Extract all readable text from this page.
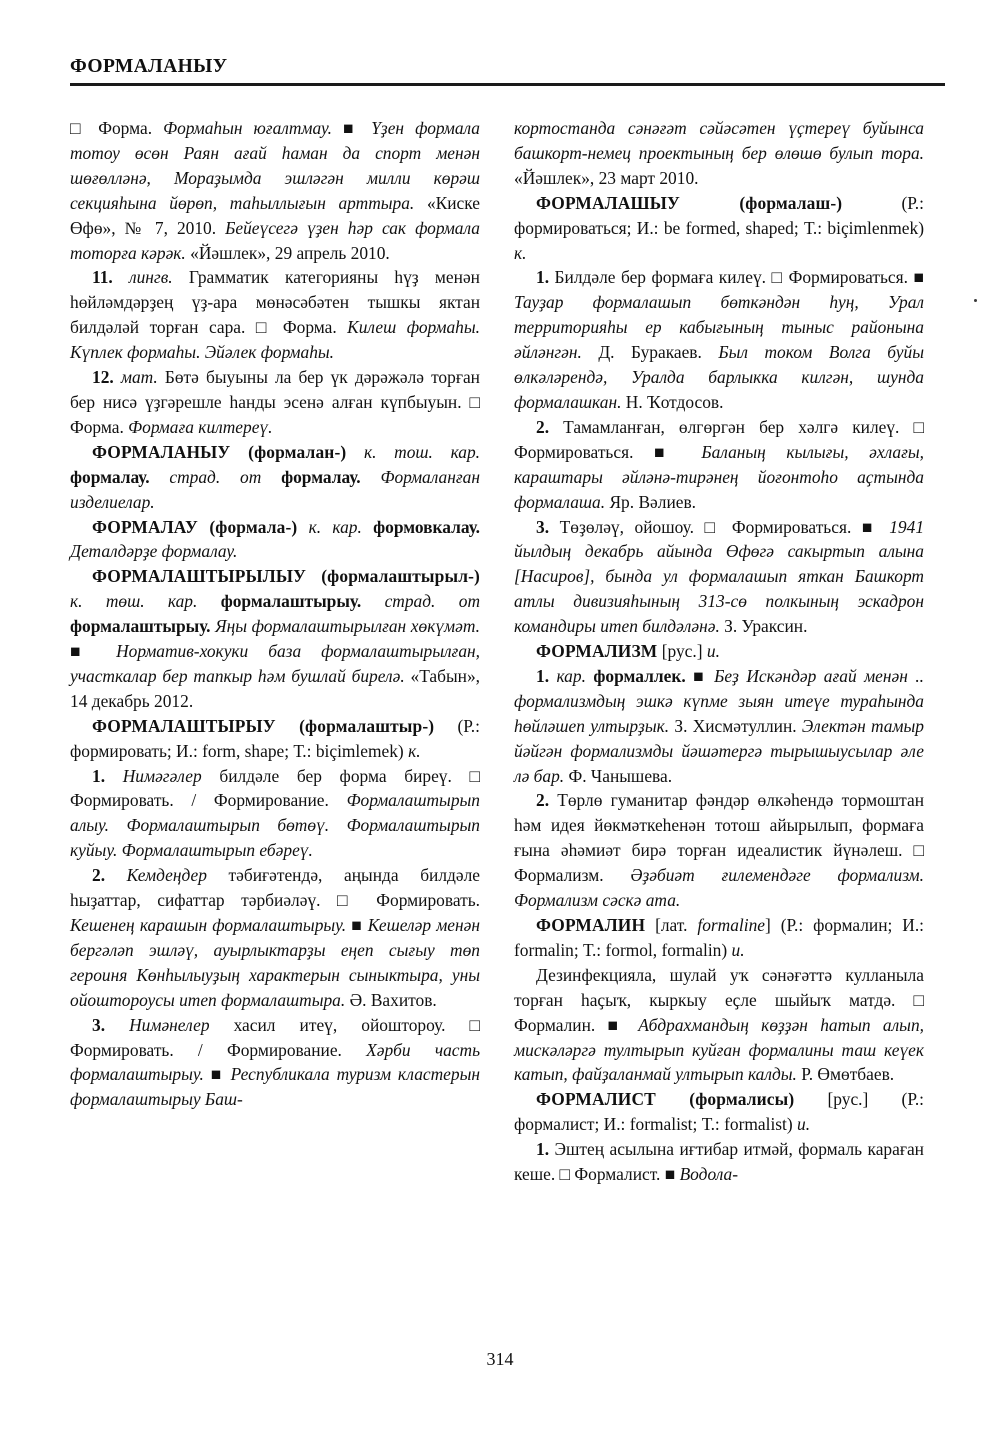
ФОРМАЛАНЫУ

□ Форма. Формаһын юғалтмау. ■ Үҙен формала тотоу өсөн Раян ағай һаман да спорт менән шөғөлләнә, Мораҙымда эшләгән милли көрәш секцияһына йөрөп, таһыллығын арттыра. «Киске Өфө», № 7, 2010. Бейеүсегә үҙен һәр сак формала тоторға кәрәк. «Йәшлек», 29 апрель 2010.

11. лингв. Грамматик категорияны һүҙ менән һөйләмдәрҙең үҙ-ара мөнәсәбәтен тышкы яктан билдәләй торған сара. □ Форма. Килеш формаһы. Күплек формаһы. Эйәлек формаһы.

12. мат. Бөтә быуыны ла бер үк дәрәжәлә торған бер нисә үҙгәрешле һанды эсенә алған күпбыуын. □ Форма. Формаға килтереү.

ФОРМАЛАНЫУ (формалан-) к. тош. кар. формалау. страд. от формалау. Формаланған изделиелар.

ФОРМАЛАУ (формала-) к. кар. формовкалау. Деталдәрҙе формалау.

ФОРМАЛАШТЫРЫЛЫУ (формалаштырыл-) к. төш. кар. формалаштырыу. страд. от формалаштырыу. Яңы формалаштырылған хөкүмәт. ■ Норматив-хокуки база формалаштырылған, участкалар бер тапкыр һәм бушлай бирелә. «Табын», 14 декабрь 2012.

ФОРМАЛАШТЫРЫУ (формалаштыр-) (Р.: формировать; И.: form, shape; Т.: biçimlemek) к.

1. Нимәгәлер билдәле бер форма биреү. □ Формировать. / Формирование. Формалаштырып алыу. Формалаштырып бөтөү. Формалаштырып куйыу. Формалаштырып ебәреү.

2. Кемдеңдер тәбиғәтендә, аңында билдәле һыҙаттар, сифаттар тәрбиәләү. □ Формировать. Кешенең карашын формалаштырыу. ■ Кешеләр менән бергәләп эшләү, ауырлыктарҙы еңеп сығыу төп героиня Көнһылыуҙың характерын сыныктыра, уны ойоштороусы итеп формалаштыра. Ә. Вахитов.

3. Нимәнелер хасил итеү, ойоштороу. □ Формировать. / Формирование. Хәрби часть формалаштырыу. ■ Республикала туризм кластерын формалаштырыу Баш-

кортостанда сәнәғәт сәйәсәтен үҫтереү буйынса башкорт-немец проектының бер өлөшө булып тора. «Йәшлек», 23 март 2010.

ФОРМАЛАШЫУ (формалаш-) (Р.: формироваться; И.: be formed, shaped; Т.: biçimlenmek) к.

1. Билдәле бер формаға килеү. □ Формироваться. ■ Тауҙар формалашып бөткәндән һуң, Урал территорияһы ер кабығының тыныс районына әйләнгән. Д. Буракаев. Был током Волга буйы өлкәләрендә, Уралда барлыкка килгән, шунда формалашкан. Н. Ҡотдосов.

2. Тамамланған, өлгөргән бер хәлгә килеү. □ Формироваться. ■ Баланың кылығы, әхлағы, караштары әйләнә-тирәнең йоғонтоһо аҫтында формалаша. Яр. Вәлиев.

3. Төҙөләү, ойошоу. □ Формироваться. ■ 1941 йылдың декабрь айында Өфөгә сакыртып алына [Насиров], бында ул формалашып яткан Башкорт атлы дивизияһының 313-сө полкының эскадрон командиры итеп билдәләнә. З. Ураксин.

ФОРМАЛИЗМ [рус.] и.

1. кар. формаллек. ■ Беҙ Искәндәр ағай менән .. формализмдың эшкә күпме зыян итеүе тураһында һөйләшеп ултырҙык. З. Хисмәтуллин. Электән тамыр йәйгән формализмды йәшәтергә тырышыусылар әле лә бар. Ф. Чанышева.

2. Төрлө гуманитар фәндәр өлкәһендә тормоштан һәм идея йөкмәткеһенән тотош айырылып, формаға ғына әһәмиәт бирә торған идеалистик йүнәлеш. □ Формализм. Әҙәбиәт ғилемендәге формализм. Формализм сәскә ата.

ФОРМАЛИН [лат. formaline] (Р.: формалин; И.: formalin; Т.: formol, formalin) и.

Дезинфекцияла, шулай уҡ сәнәғәттә кулланыла торған һаҫыҡ, кыркыу еҫле шыйыҡ матдә. □ Формалин. ■ Абдрахмандың көҙҙән һатып алып, мискәләргә тултырып куйған формалины таш кеүек катып, файҙаланмай ултырып калды. Р. Өмөтбаев.

ФОРМАЛИСТ (формалисы) [рус.] (Р.: формалист; И.: formalist; Т.: formalist) и.

1. Эштең асылына иғтибар итмәй, формаль караған кеше. □ Формалист. ■ Водола-

314
